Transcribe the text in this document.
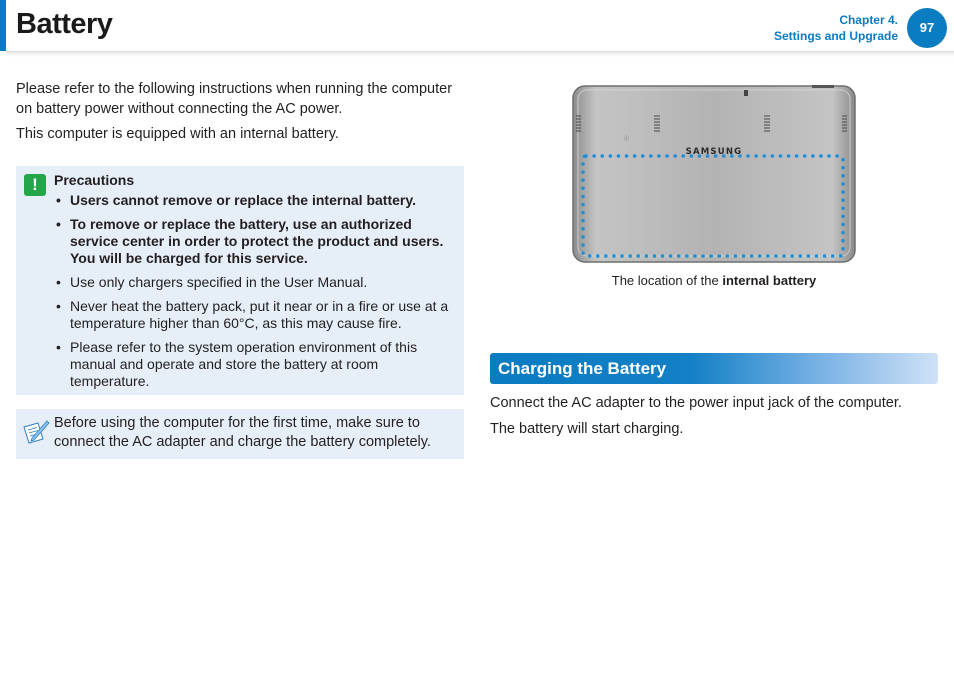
Battery	Chapter 4.
Settings and Upgrade
97

Please refer to the following instructions when running the computer on battery power without connecting the AC power.

This computer is equipped with an internal battery.

!	Precautions
• Users cannot remove or replace the internal battery.
• To remove or replace the battery, use an authorized service center in order to protect the product and users. You will be charged for this service.
• Use only chargers specified in the User Manual.
• Never heat the battery pack, put it near or in a fire or use at a temperature higher than 60°C, as this may cause fire.
• Please refer to the system operation environment of this manual and operate and store the battery at room temperature.
Before using the computer for the first time, make sure to connect the AC adapter and charge the battery completely.
ⓘ
SAMSUNG
The location of the internal battery
Charging the Battery

Connect the AC adapter to the power input jack of the computer.

The battery will start charging.
